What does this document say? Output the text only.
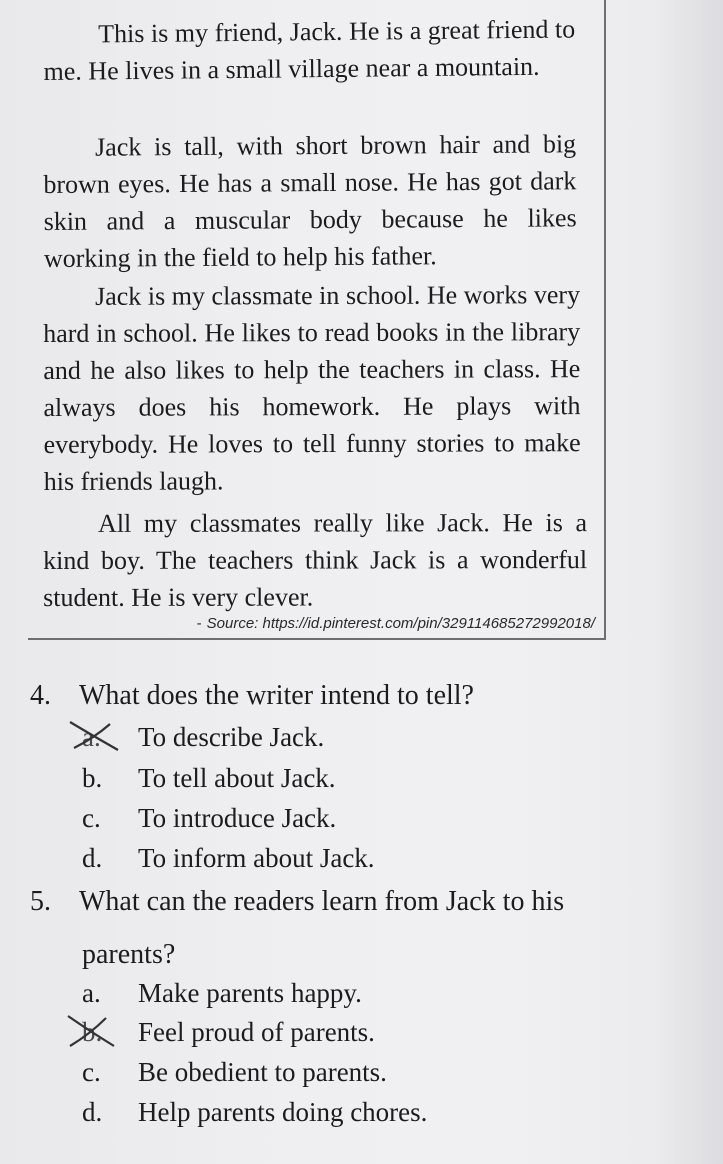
This is my friend, Jack. He is a great friend to me. He lives in a small village near a mountain.

Jack is tall, with short brown hair and big brown eyes. He has a small nose. He has got dark skin and a muscular body because he likes working in the field to help his father.

Jack is my classmate in school. He works very hard in school. He likes to read books in the library and he also likes to help the teachers in class. He always does his homework. He plays with everybody. He loves to tell funny stories to make his friends laugh.

All my classmates really like Jack. He is a kind boy. The teachers think Jack is a wonderful student. He is very clever.

- Source: https://id.pinterest.com/pin/329114685272992018/

4. What does the writer intend to tell?

a. To describe Jack.
b. To tell about Jack.
c. To introduce Jack.
d. To inform about Jack.

5. What can the readers learn from Jack to his

parents?

a. Make parents happy.
b. Feel proud of parents.
c. Be obedient to parents.
d. Help parents doing chores.
